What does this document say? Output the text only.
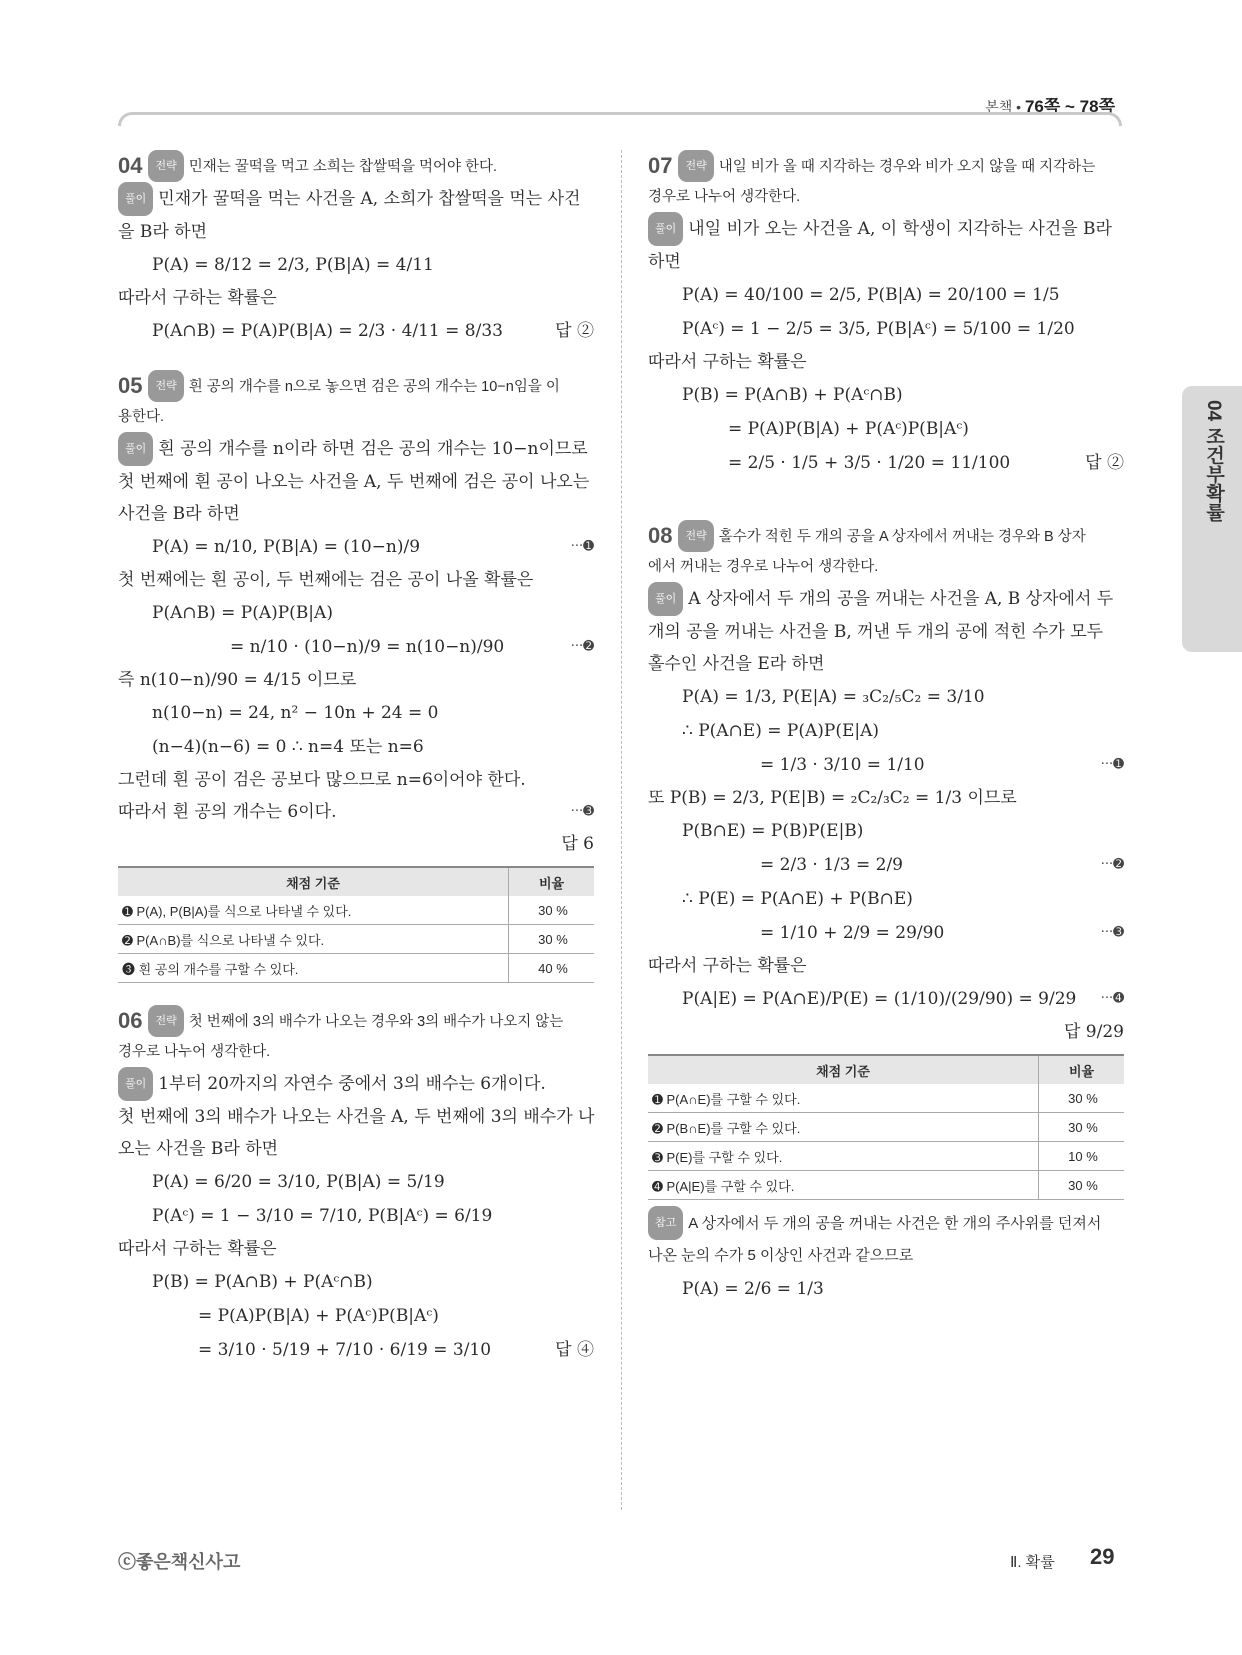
본책 • 76쪽 ~ 78쪽
04 조건부확률
04 전략 민재는 꿀떡을 먹고 소희는 찹쌀떡을 먹어야 한다.
풀이 민재가 꿀떡을 먹는 사건을 A, 소희가 찹쌀떡을 먹는 사건
을 B라 하면
P(A) = 8/12 = 2/3, P(B|A) = 4/11
따라서 구하는 확률은
P(A∩B) = P(A)P(B|A) = 2/3 · 4/11 = 8/33	답 ②
05 전략 흰 공의 개수를 n으로 놓으면 검은 공의 개수는 10−n임을 이
용한다.
풀이 흰 공의 개수를 n이라 하면 검은 공의 개수는 10−n이므로
첫 번째에 흰 공이 나오는 사건을 A, 두 번째에 검은 공이 나오는
사건을 B라 하면
P(A) = n/10, P(B|A) = (10−n)/9	···➊
첫 번째에는 흰 공이, 두 번째에는 검은 공이 나올 확률은
P(A∩B) = P(A)P(B|A)
= n/10 · (10−n)/9 = n(10−n)/90	···➋
즉 n(10−n)/90 = 4/15 이므로
n(10−n) = 24, n² − 10n + 24 = 0
(n−4)(n−6) = 0 ∴ n=4 또는 n=6
그런데 흰 공이 검은 공보다 많으므로 n=6이어야 한다.
따라서 흰 공의 개수는 6이다.	···➌
답 6
채점 기준	비율
➊ P(A), P(B|A)를 식으로 나타낼 수 있다.	30 %
➋ P(A∩B)를 식으로 나타낼 수 있다.	30 %
➌ 흰 공의 개수를 구할 수 있다.	40 %
06 전략 첫 번째에 3의 배수가 나오는 경우와 3의 배수가 나오지 않는
경우로 나누어 생각한다.
풀이 1부터 20까지의 자연수 중에서 3의 배수는 6개이다.
첫 번째에 3의 배수가 나오는 사건을 A, 두 번째에 3의 배수가 나
오는 사건을 B라 하면
P(A) = 6/20 = 3/10, P(B|A) = 5/19
P(Aᶜ) = 1 − 3/10 = 7/10, P(B|Aᶜ) = 6/19
따라서 구하는 확률은
P(B) = P(A∩B) + P(Aᶜ∩B)
= P(A)P(B|A) + P(Aᶜ)P(B|Aᶜ)
= 3/10 · 5/19 + 7/10 · 6/19 = 3/10	답 ④
07 전략 내일 비가 올 때 지각하는 경우와 비가 오지 않을 때 지각하는
경우로 나누어 생각한다.
풀이 내일 비가 오는 사건을 A, 이 학생이 지각하는 사건을 B라
하면
P(A) = 40/100 = 2/5, P(B|A) = 20/100 = 1/5
P(Aᶜ) = 1 − 2/5 = 3/5, P(B|Aᶜ) = 5/100 = 1/20
따라서 구하는 확률은
P(B) = P(A∩B) + P(Aᶜ∩B)
= P(A)P(B|A) + P(Aᶜ)P(B|Aᶜ)
= 2/5 · 1/5 + 3/5 · 1/20 = 11/100	답 ②
08 전략 홀수가 적힌 두 개의 공을 A 상자에서 꺼내는 경우와 B 상자
에서 꺼내는 경우로 나누어 생각한다.
풀이 A 상자에서 두 개의 공을 꺼내는 사건을 A, B 상자에서 두
개의 공을 꺼내는 사건을 B, 꺼낸 두 개의 공에 적힌 수가 모두
홀수인 사건을 E라 하면
P(A) = 1/3, P(E|A) = ₃C₂/₅C₂ = 3/10
∴ P(A∩E) = P(A)P(E|A)
= 1/3 · 3/10 = 1/10	···➊
또 P(B) = 2/3, P(E|B) = ₂C₂/₃C₂ = 1/3 이므로
P(B∩E) = P(B)P(E|B)
= 2/3 · 1/3 = 2/9	···➋
∴ P(E) = P(A∩E) + P(B∩E)
= 1/10 + 2/9 = 29/90	···➌
따라서 구하는 확률은
P(A|E) = P(A∩E)/P(E) = (1/10)/(29/90) = 9/29 ···➍
답 9/29
채점 기준	비율
➊ P(A∩E)를 구할 수 있다.	30 %
➋ P(B∩E)를 구할 수 있다.	30 %
➌ P(E)를 구할 수 있다.	10 %
➍ P(A|E)를 구할 수 있다.	30 %
참고 A 상자에서 두 개의 공을 꺼내는 사건은 한 개의 주사위를 던져서
나온 눈의 수가 5 이상인 사건과 같으므로
P(A) = 2/6 = 1/3
ⓒ좋은책신사고	Ⅱ. 확률 29
